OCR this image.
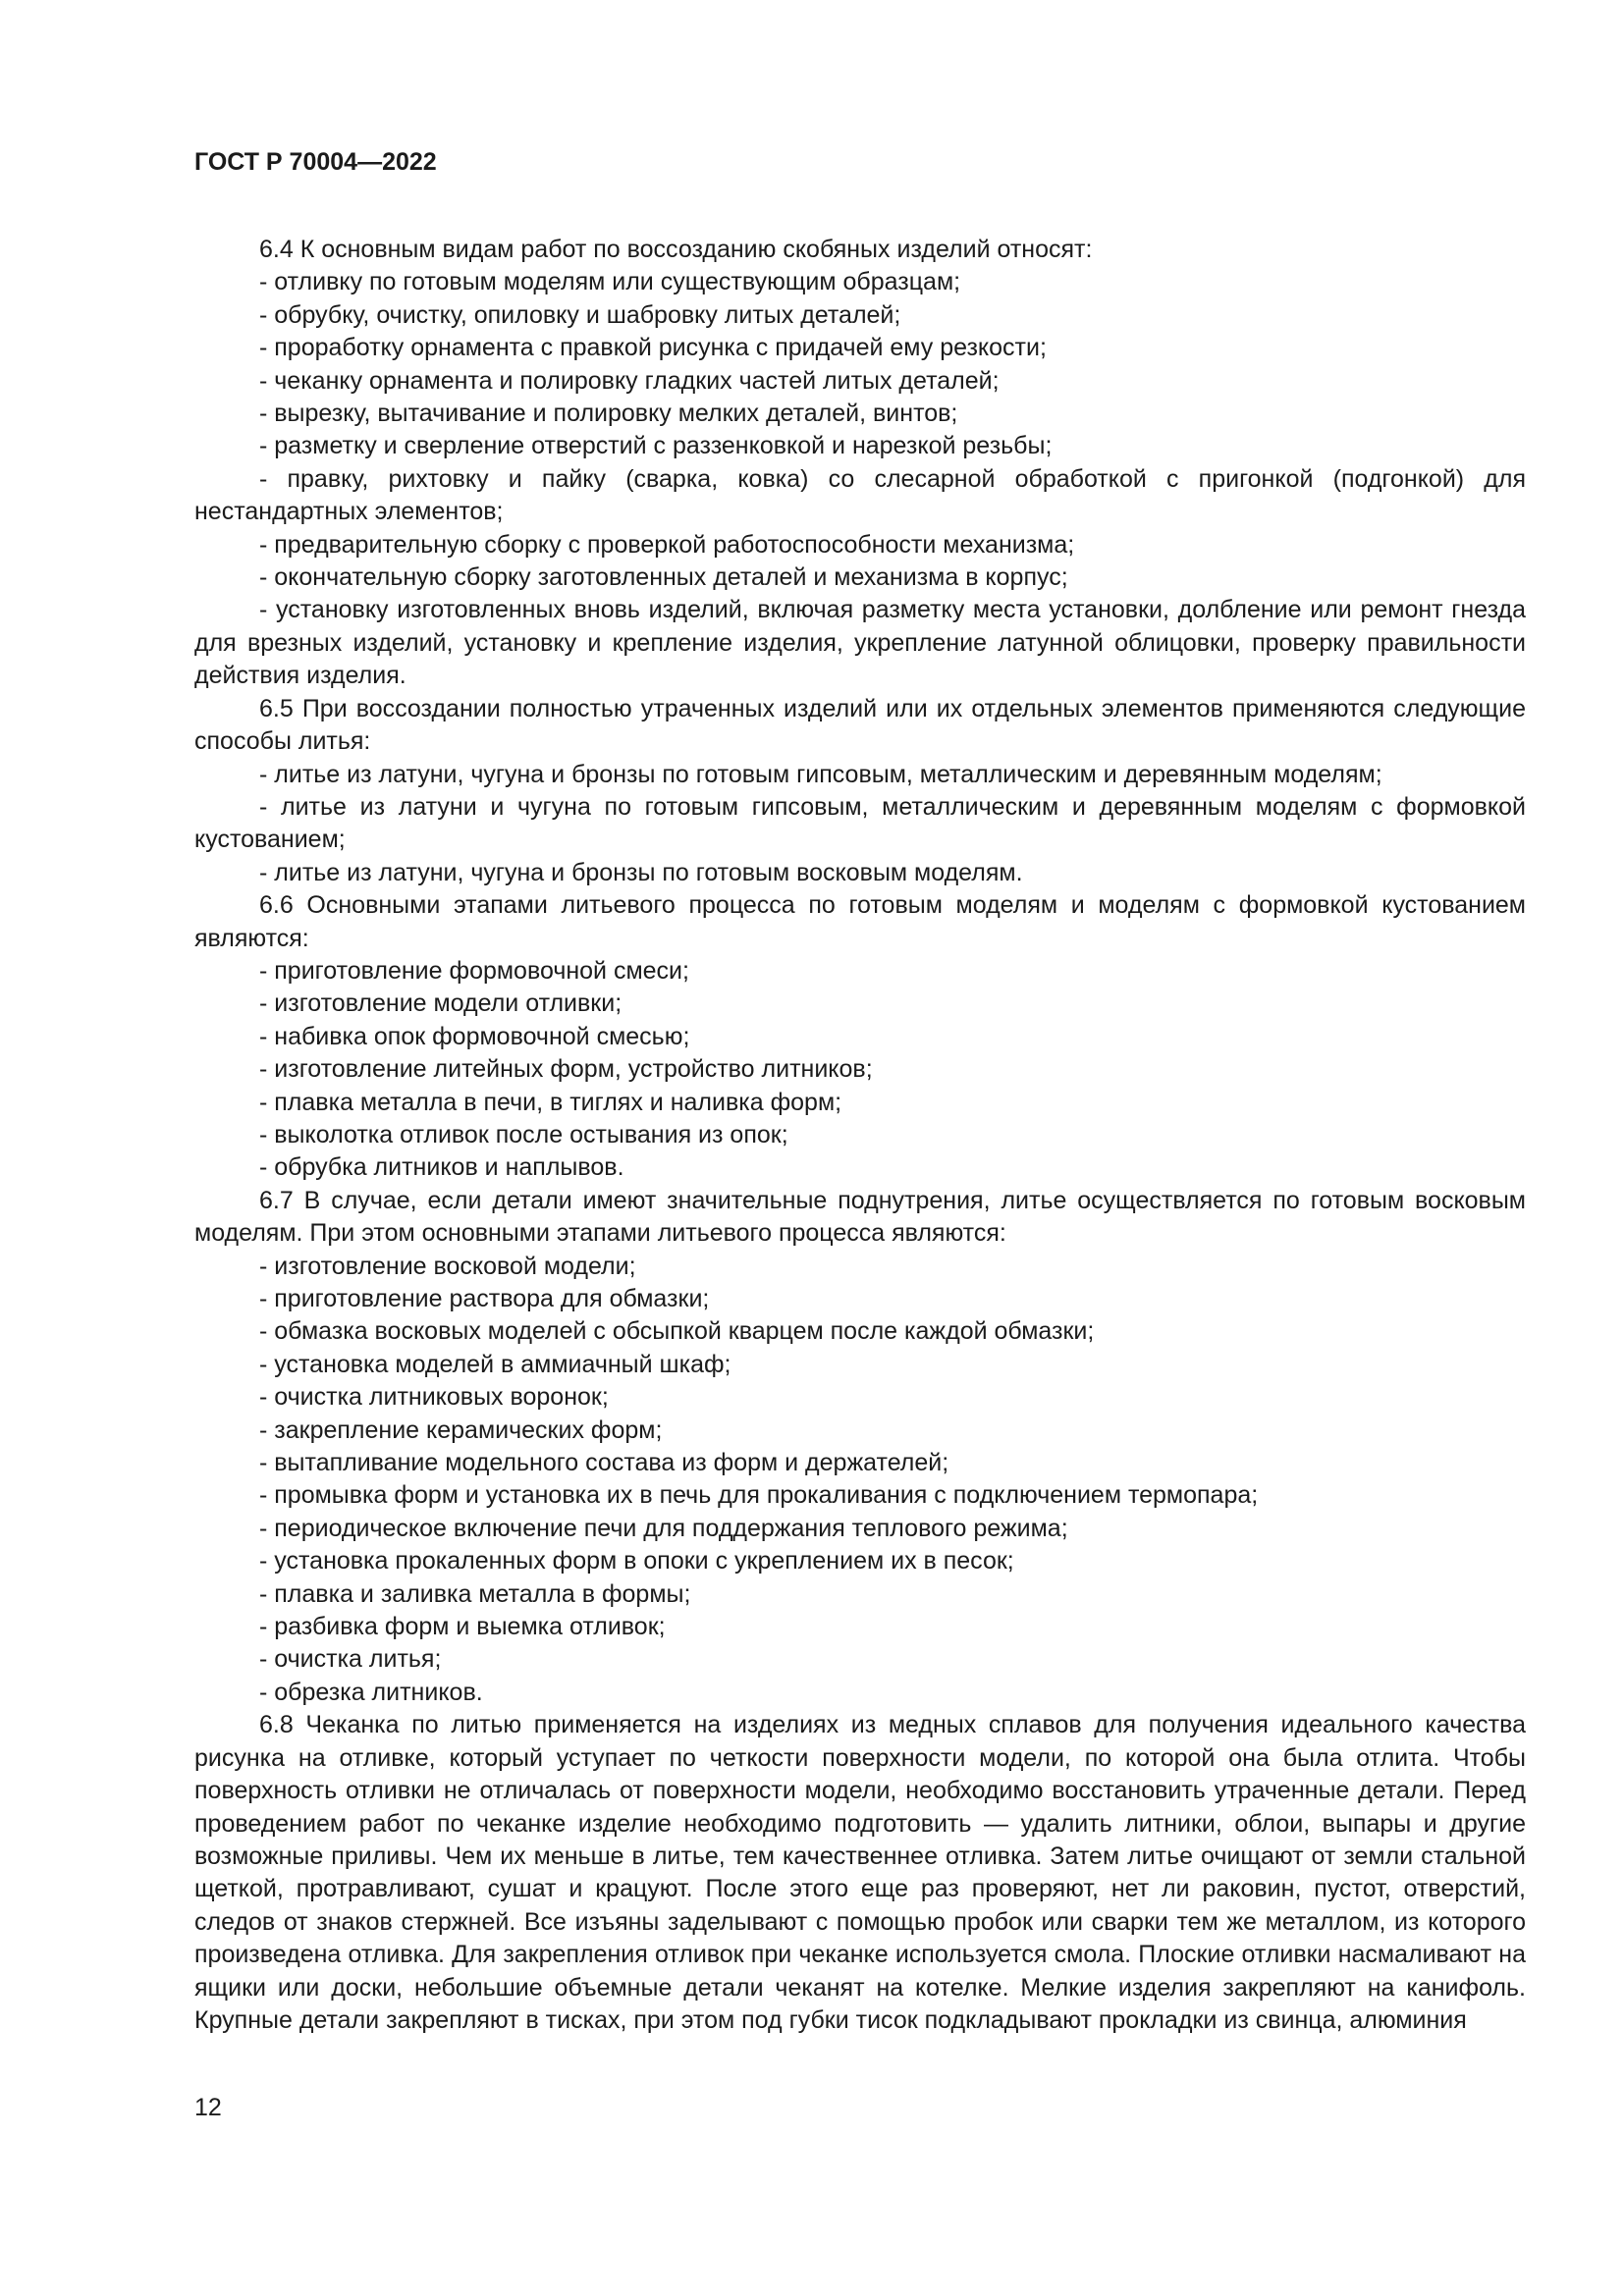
ГОСТ Р 70004—2022

6.4 К основным видам работ по воссозданию скобяных изделий относят:

- отливку по готовым моделям или существующим образцам;

- обрубку, очистку, опиловку и шабровку литых деталей;

- проработку орнамента с правкой рисунка с придачей ему резкости;

- чеканку орнамента и полировку гладких частей литых деталей;

- вырезку, вытачивание и полировку мелких деталей, винтов;

- разметку и сверление отверстий с раззенковкой и нарезкой резьбы;

- правку, рихтовку и пайку (сварка, ковка) со слесарной обработкой с пригонкой (подгонкой) для нестандартных элементов;

- предварительную сборку с проверкой работоспособности механизма;

- окончательную сборку заготовленных деталей и механизма в корпус;

- установку изготовленных вновь изделий, включая разметку места установки, долбление или ремонт гнезда для врезных изделий, установку и крепление изделия, укрепление латунной облицовки, проверку правильности действия изделия.

6.5 При воссоздании полностью утраченных изделий или их отдельных элементов применяются следующие способы литья:

- литье из латуни, чугуна и бронзы по готовым гипсовым, металлическим и деревянным моделям;

- литье из латуни и чугуна по готовым гипсовым, металлическим и деревянным моделям с формовкой кустованием;

- литье из латуни, чугуна и бронзы по готовым восковым моделям.

6.6 Основными этапами литьевого процесса по готовым моделям и моделям с формовкой кустованием являются:

- приготовление формовочной смеси;

- изготовление модели отливки;

- набивка опок формовочной смесью;

- изготовление литейных форм, устройство литников;

- плавка металла в печи, в тиглях и наливка форм;

- выколотка отливок после остывания из опок;

- обрубка литников и наплывов.

6.7 В случае, если детали имеют значительные поднутрения, литье осуществляется по готовым восковым моделям. При этом основными этапами литьевого процесса являются:

- изготовление восковой модели;

- приготовление раствора для обмазки;

- обмазка восковых моделей с обсыпкой кварцем после каждой обмазки;

- установка моделей в аммиачный шкаф;

- очистка литниковых воронок;

- закрепление керамических форм;

- вытапливание модельного состава из форм и держателей;

- промывка форм и установка их в печь для прокаливания с подключением термопара;

- периодическое включение печи для поддержания теплового режима;

- установка прокаленных форм в опоки с укреплением их в песок;

- плавка и заливка металла в формы;

- разбивка форм и выемка отливок;

- очистка литья;

- обрезка литников.

6.8 Чеканка по литью применяется на изделиях из медных сплавов для получения идеального качества рисунка на отливке, который уступает по четкости поверхности модели, по которой она была отлита. Чтобы поверхность отливки не отличалась от поверхности модели, необходимо восстановить утраченные детали. Перед проведением работ по чеканке изделие необходимо подготовить — удалить литники, облои, выпары и другие возможные приливы. Чем их меньше в литье, тем качественнее отливка. Затем литье очищают от земли стальной щеткой, протравливают, сушат и крацуют. После этого еще раз проверяют, нет ли раковин, пустот, отверстий, следов от знаков стержней. Все изъяны заделывают с помощью пробок или сварки тем же металлом, из которого произведена отливка. Для закрепления отливок при чеканке используется смола. Плоские отливки насмаливают на ящики или доски, небольшие объемные детали чеканят на котелке. Мелкие изделия закрепляют на канифоль. Крупные детали закрепляют в тисках, при этом под губки тисок подкладывают прокладки из свинца, алюминия

12
